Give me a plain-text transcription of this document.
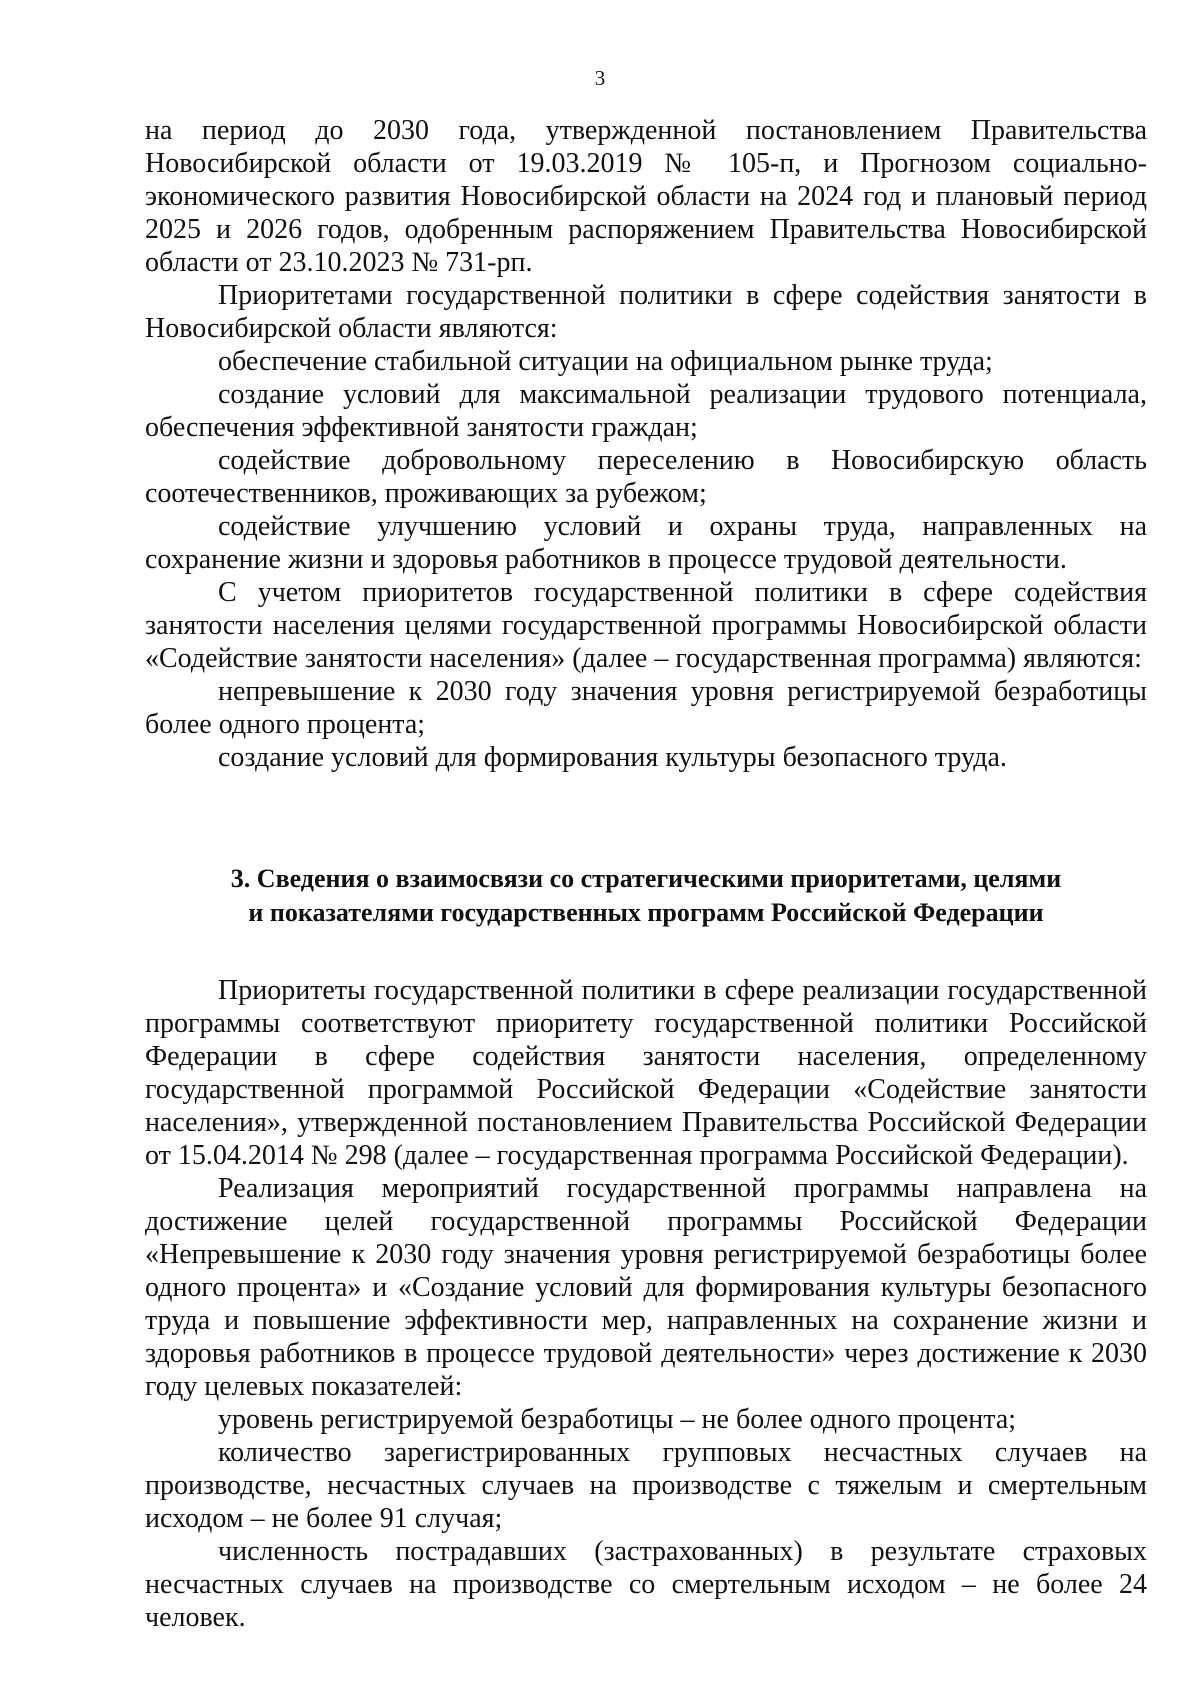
3

на период до 2030 года, утвержденной постановлением Правительства Новосибирской области от 19.03.2019 № 105-п, и Прогнозом социально-экономического развития Новосибирской области на 2024 год и плановый период 2025 и 2026 годов, одобренным распоряжением Правительства Новосибирской области от 23.10.2023 № 731-рп.

Приоритетами государственной политики в сфере содействия занятости в Новосибирской области являются:

обеспечение стабильной ситуации на официальном рынке труда;

создание условий для максимальной реализации трудового потенциала, обеспечения эффективной занятости граждан;

содействие добровольному переселению в Новосибирскую область соотечественников, проживающих за рубежом;

содействие улучшению условий и охраны труда, направленных на сохранение жизни и здоровья работников в процессе трудовой деятельности.

С учетом приоритетов государственной политики в сфере содействия занятости населения целями государственной программы Новосибирской области «Содействие занятости населения» (далее – государственная программа) являются:

непревышение к 2030 году значения уровня регистрируемой безработицы более одного процента;

создание условий для формирования культуры безопасного труда.

3. Сведения о взаимосвязи со стратегическими приоритетами, целями
и показателями государственных программ Российской Федерации

Приоритеты государственной политики в сфере реализации государственной программы соответствуют приоритету государственной политики Российской Федерации в сфере содействия занятости населения, определенному государственной программой Российской Федерации «Содействие занятости населения», утвержденной постановлением Правительства Российской Федерации от 15.04.2014 № 298 (далее – государственная программа Российской Федерации).

Реализация мероприятий государственной программы направлена на достижение целей государственной программы Российской Федерации «Непревышение к 2030 году значения уровня регистрируемой безработицы более одного процента» и «Создание условий для формирования культуры безопасного труда и повышение эффективности мер, направленных на сохранение жизни и здоровья работников в процессе трудовой деятельности» через достижение к 2030 году целевых показателей:

уровень регистрируемой безработицы – не более одного процента;

количество зарегистрированных групповых несчастных случаев на производстве, несчастных случаев на производстве с тяжелым и смертельным исходом – не более 91 случая;

численность пострадавших (застрахованных) в результате страховых несчастных случаев на производстве со смертельным исходом – не более 24 человек.
